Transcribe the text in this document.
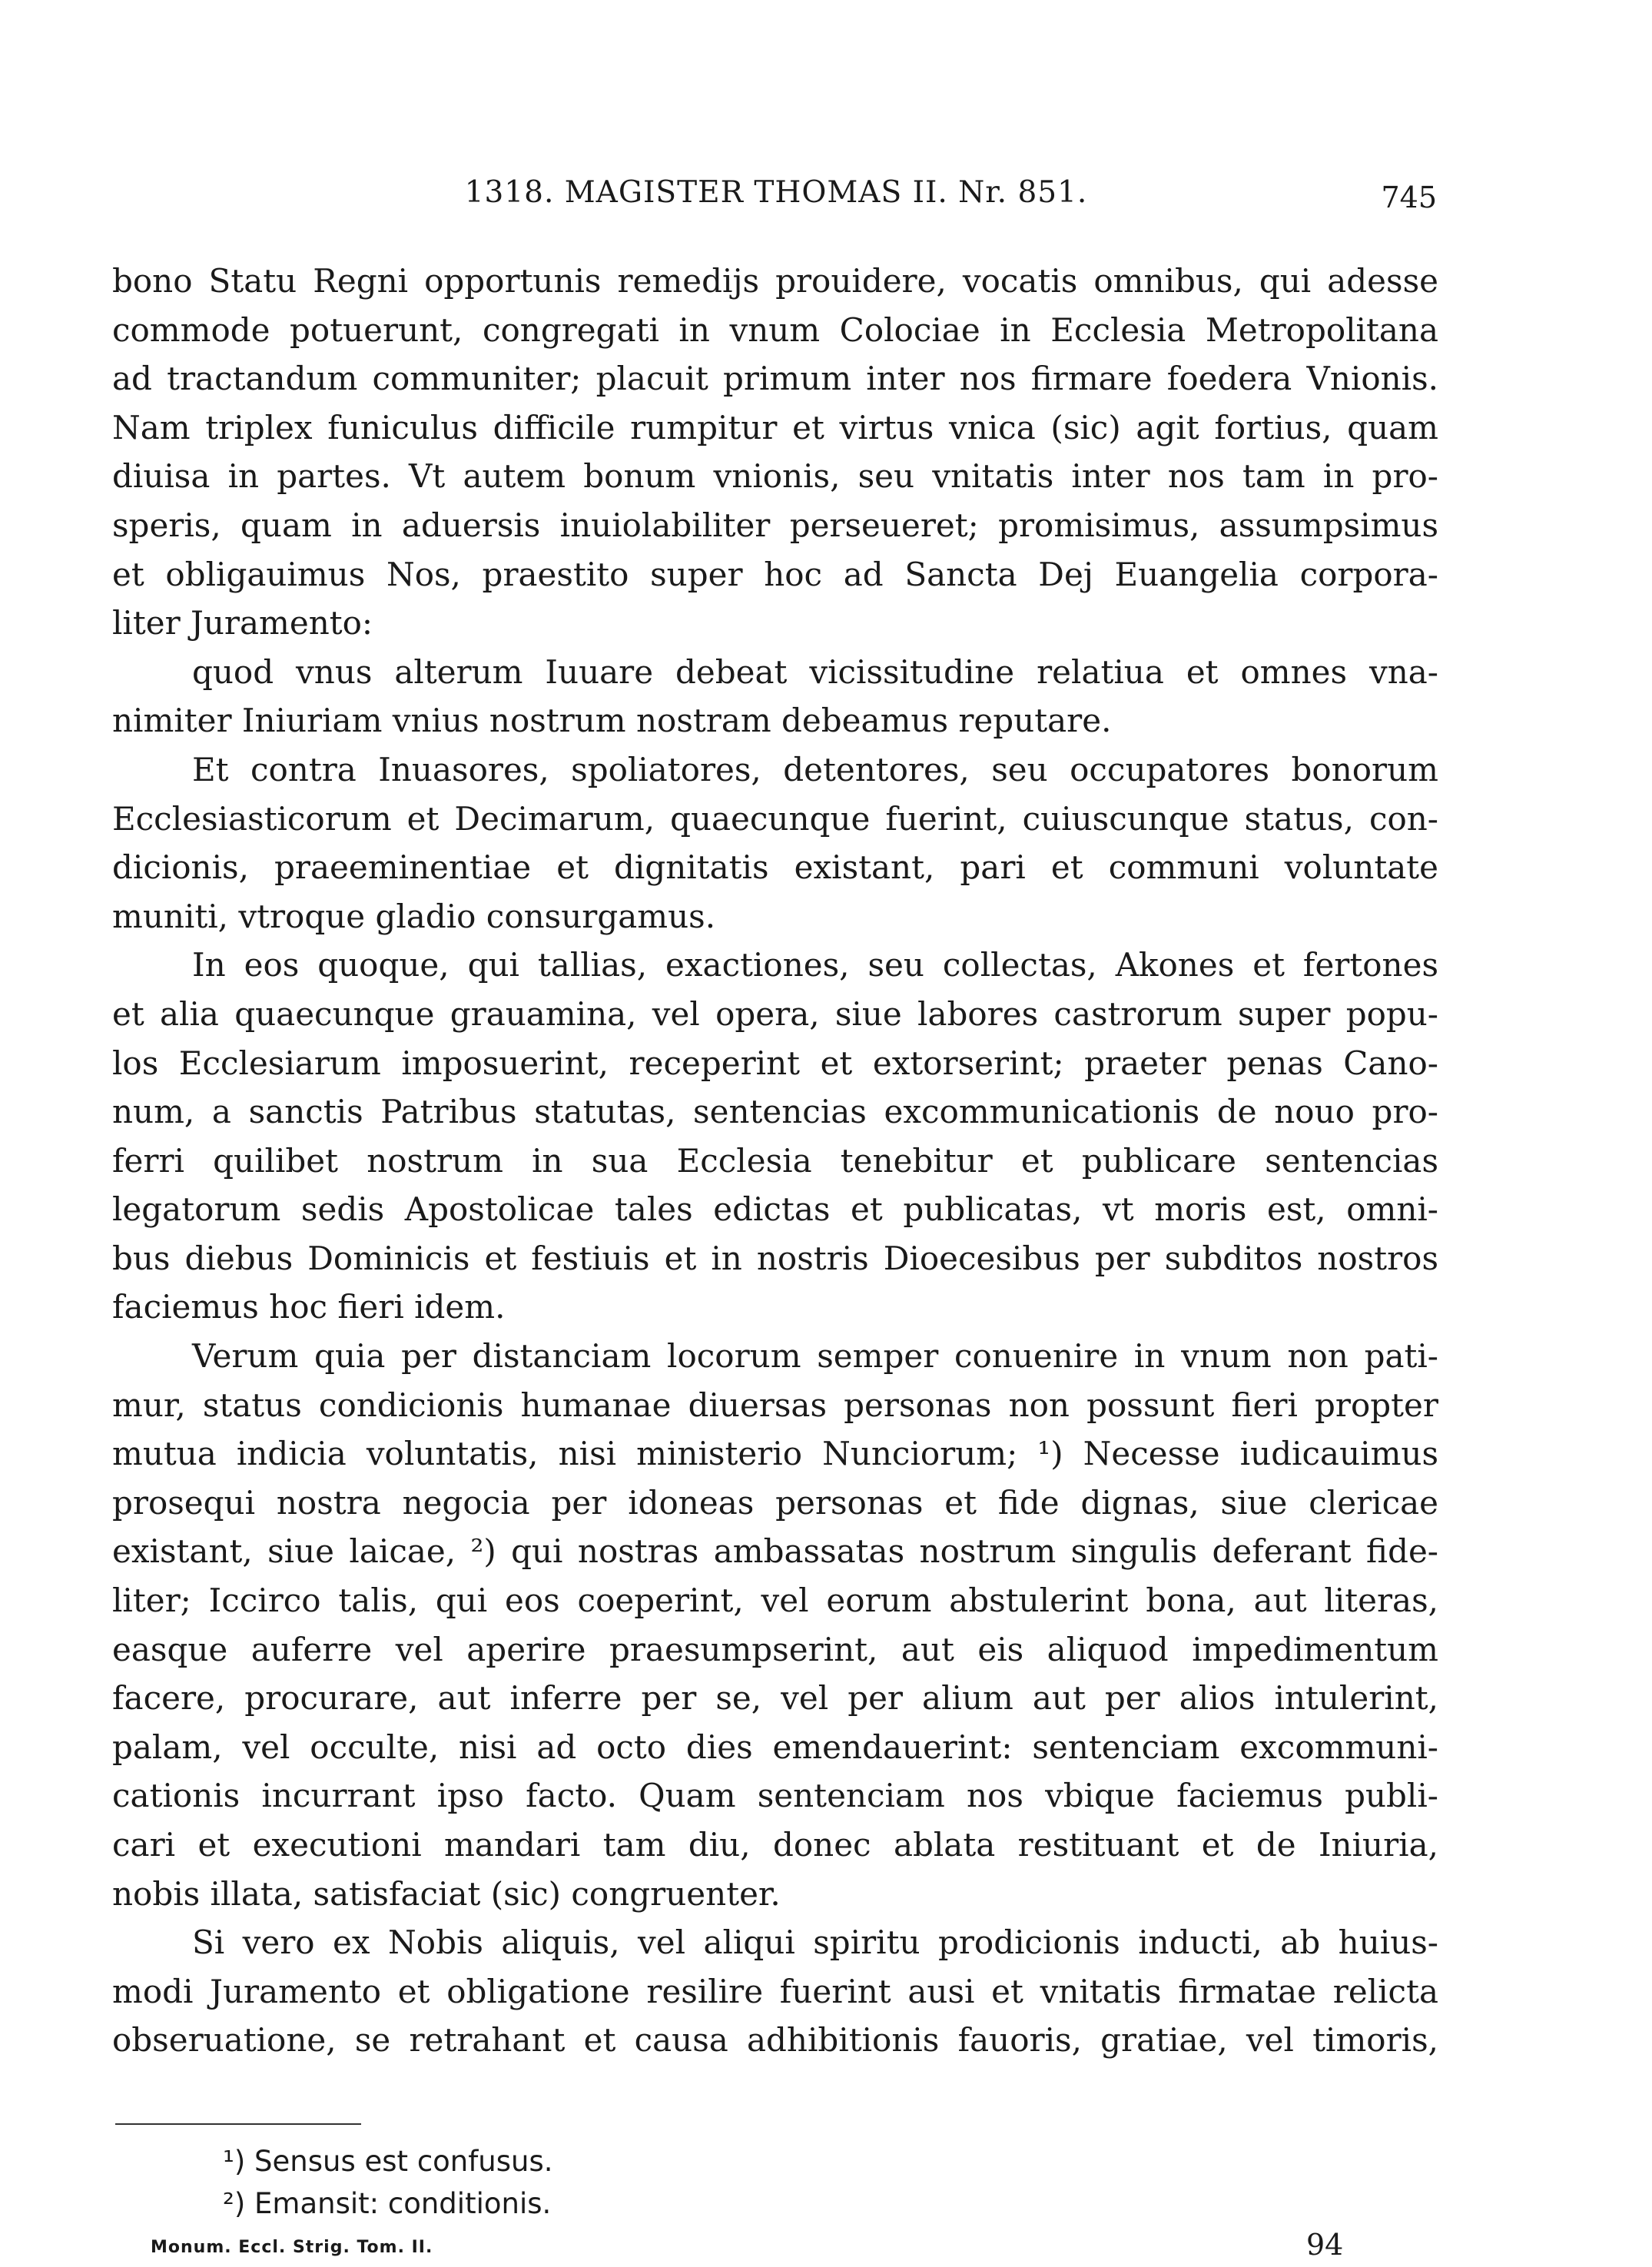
1318. MAGISTER THOMAS II. Nr. 851.	745
bono Statu Regni opportunis remedijs prouidere, vocatis omnibus, qui adesse
commode potuerunt, congregati in vnum Colociae in Ecclesia Metropolitana
ad tractandum communiter; placuit primum inter nos firmare foedera Vnionis.
Nam triplex funiculus difficile rumpitur et virtus vnica (sic) agit fortius, quam
diuisa in partes. Vt autem bonum vnionis, seu vnitatis inter nos tam in pro-
speris, quam in aduersis inuiolabiliter perseueret; promisimus, assumpsimus
et obligauimus Nos, praestito super hoc ad Sancta Dej Euangelia corpora-
liter Juramento:
quod vnus alterum Iuuare debeat vicissitudine relatiua et omnes vna-
nimiter Iniuriam vnius nostrum nostram debeamus reputare.
Et contra Inuasores, spoliatores, detentores, seu occupatores bonorum
Ecclesiasticorum et Decimarum, quaecunque fuerint, cuiuscunque status, con-
dicionis, praeeminentiae et dignitatis existant, pari et communi voluntate
muniti, vtroque gladio consurgamus.
In eos quoque, qui tallias, exactiones, seu collectas, Akones et fertones
et alia quaecunque grauamina, vel opera, siue labores castrorum super popu-
los Ecclesiarum imposuerint, receperint et extorserint; praeter penas Cano-
num, a sanctis Patribus statutas, sentencias excommunicationis de nouo pro-
ferri quilibet nostrum in sua Ecclesia tenebitur et publicare sentencias
legatorum sedis Apostolicae tales edictas et publicatas, vt moris est, omni-
bus diebus Dominicis et festiuis et in nostris Dioecesibus per subditos nostros
faciemus hoc fieri idem.
Verum quia per distanciam locorum semper conuenire in vnum non pati-
mur, status condicionis humanae diuersas personas non possunt fieri propter
mutua indicia voluntatis, nisi ministerio Nunciorum; ¹) Necesse iudicauimus
prosequi nostra negocia per idoneas personas et fide dignas, siue clericae
existant, siue laicae, ²) qui nostras ambassatas nostrum singulis deferant fide-
liter; Iccirco talis, qui eos coeperint, vel eorum abstulerint bona, aut literas,
easque auferre vel aperire praesumpserint, aut eis aliquod impedimentum
facere, procurare, aut inferre per se, vel per alium aut per alios intulerint,
palam, vel occulte, nisi ad octo dies emendauerint: sentenciam excommuni-
cationis incurrant ipso facto. Quam sentenciam nos vbique faciemus publi-
cari et executioni mandari tam diu, donec ablata restituant et de Iniuria,
nobis illata, satisfaciat (sic) congruenter.
Si vero ex Nobis aliquis, vel aliqui spiritu prodicionis inducti, ab huius-
modi Juramento et obligatione resilire fuerint ausi et vnitatis firmatae relicta
obseruatione, se retrahant et causa adhibitionis fauoris, gratiae, vel timoris,
¹) Sensus est confusus.
²) Emansit: conditionis.
Monum. Eccl. Strig. Tom. II.	94
